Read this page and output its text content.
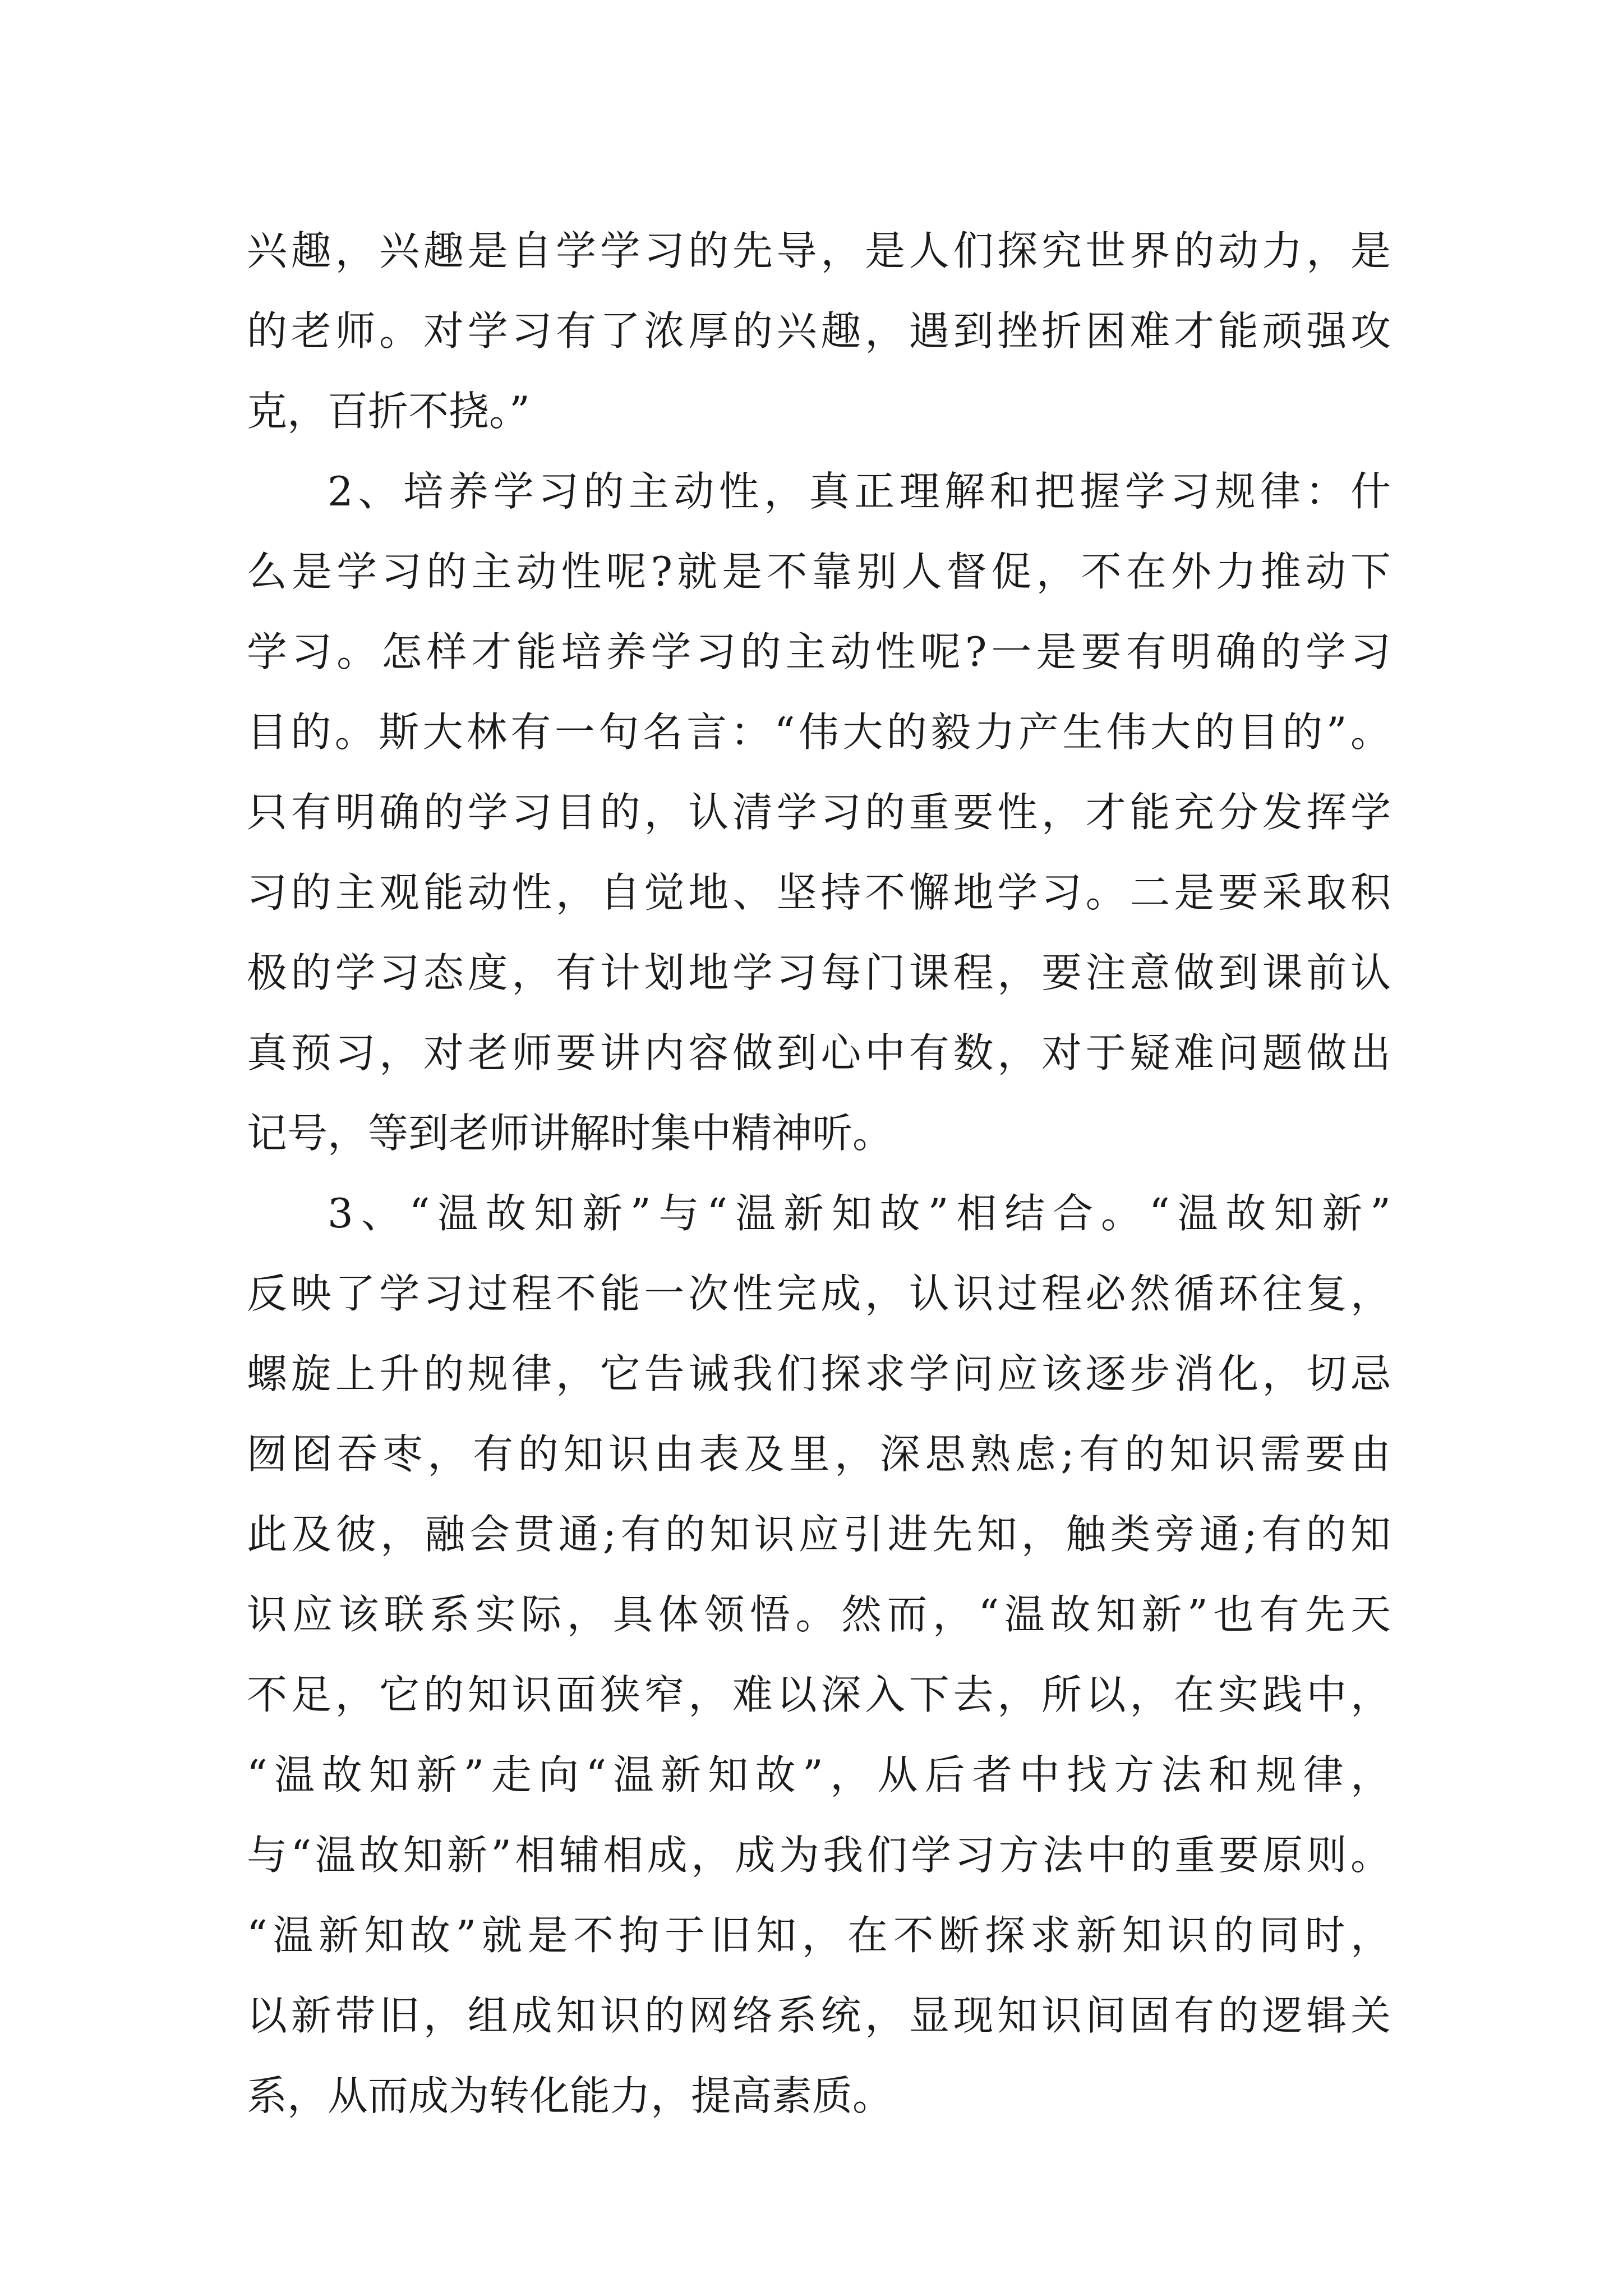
兴趣，兴趣是自学学习的先导，是人们探究世界的动力，是
的老师。对学习有了浓厚的兴趣，遇到挫折困难才能顽强攻
克，百折不挠。”
2、培养学习的主动性，真正理解和把握学习规律：什
么是学习的主动性呢?就是不靠别人督促，不在外力推动下
学习。怎样才能培养学习的主动性呢?一是要有明确的学习
目的。斯大林有一句名言：“伟大的毅力产生伟大的目的”。
只有明确的学习目的，认清学习的重要性，才能充分发挥学
习的主观能动性，自觉地、坚持不懈地学习。二是要采取积
极的学习态度，有计划地学习每门课程，要注意做到课前认
真预习，对老师要讲内容做到心中有数，对于疑难问题做出
记号，等到老师讲解时集中精神听。
3、“温故知新”与“温新知故”相结合。“温故知新”
反映了学习过程不能一次性完成，认识过程必然循环往复，
螺旋上升的规律，它告诫我们探求学问应该逐步消化，切忌
囫囵吞枣，有的知识由表及里，深思熟虑;有的知识需要由
此及彼，融会贯通;有的知识应引进先知，触类旁通;有的知
识应该联系实际，具体领悟。然而，“温故知新”也有先天
不足，它的知识面狭窄，难以深入下去，所以，在实践中，
“温故知新”走向“温新知故”，从后者中找方法和规律，
与“温故知新”相辅相成，成为我们学习方法中的重要原则。
“温新知故”就是不拘于旧知，在不断探求新知识的同时，
以新带旧，组成知识的网络系统，显现知识间固有的逻辑关
系，从而成为转化能力，提高素质。
